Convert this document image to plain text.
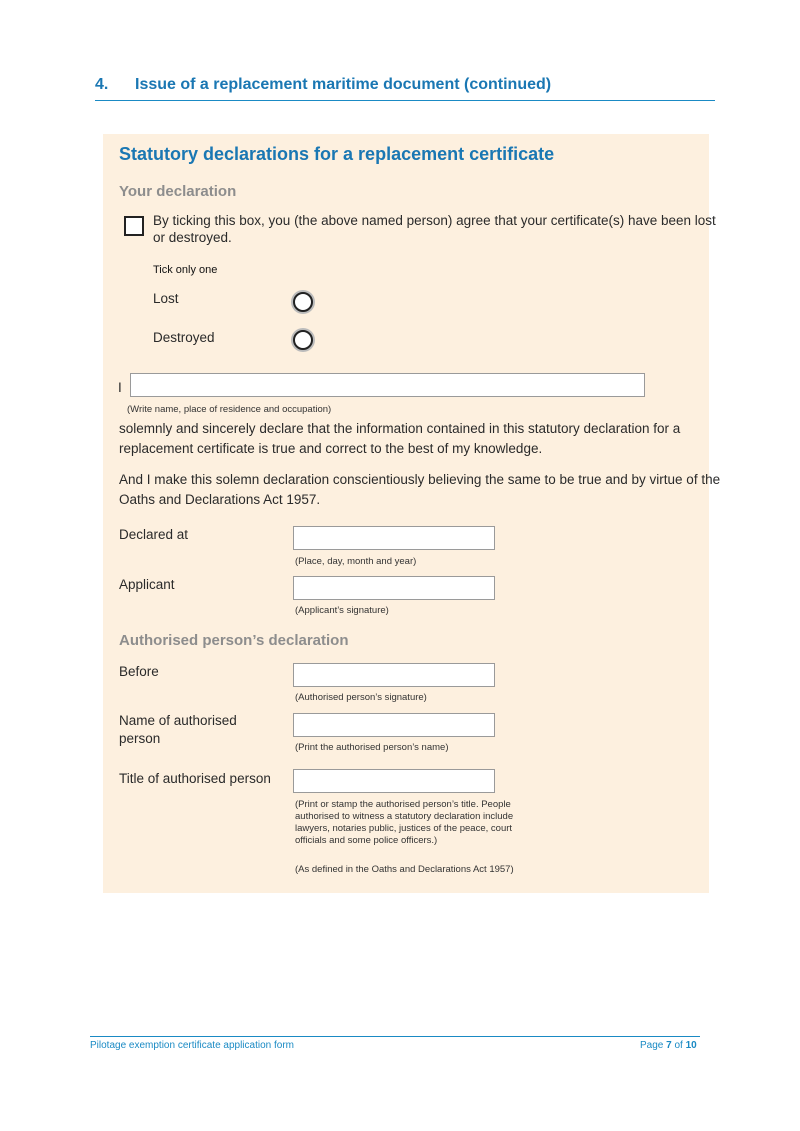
4. Issue of a replacement maritime document (continued)
Statutory declarations for a replacement certificate
Your declaration
By ticking this box, you (the above named person) agree that your certificate(s) have been lost
or destroyed.
Tick only one
Lost
Destroyed
I
(Write name, place of residence and occupation)
solemnly and sincerely declare that the information contained in this statutory declaration for a
replacement certificate is true and correct to the best of my knowledge.
And I make this solemn declaration conscientiously believing the same to be true and by virtue of the
Oaths and Declarations Act 1957.
Declared at
(Place, day, month and year)
Applicant
(Applicant’s signature)
Authorised person’s declaration
Before
(Authorised person’s signature)
Name of authorised
person
(Print the authorised person’s name)
Title of authorised person
(Print or stamp the authorised person’s title. People
authorised to witness a statutory declaration include
lawyers, notaries public, justices of the peace, court
officials and some police officers.)
(As defined in the Oaths and Declarations Act 1957)
Pilotage exemption certificate application form	Page 7 of 10
